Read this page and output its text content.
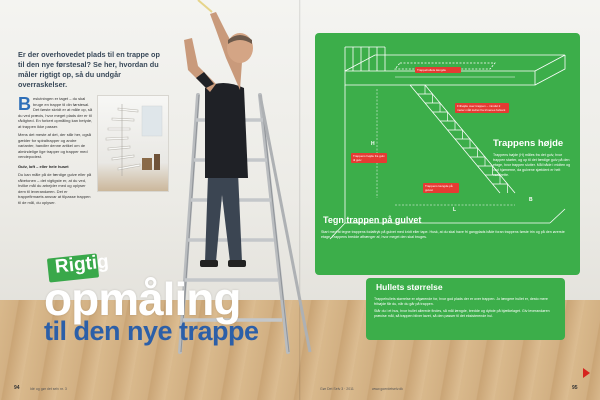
Er der overhovedet plads til en trappe op til den nye førstesal? Se her, hvordan du måler rigtigt op, så du undgår overraskelser.
B eslutningen er taget – du skal bruge en trappe til din førstesal. Det første skridt er at måle op, så du ved præcis, hvor meget plads der er til rådighed. En forkert opmåling kan betyde, at trappen ikke passer.

Mens det meste af det, der står her, også gælder for spiraltrapper og andre varianter, handler denne artikel om de almindelige lige trapper og trapper med vendepodest.

Gulv, loft – eller hele huset

Du kan måle på de færdige gulve eller på råbetonen – det vigtigste er, at du ved, hvilke mål du arbejder med og oplyser dem til leverandøren. Det er trappefirmaets ansvar at tilpasse trappen til de mål, du oplyser.

Rigtig
opmåling
til den nye trappe
H
L
B
Trappehullets længde
Frihøjde over trappen – mindst 2 meter målt lodret fra trinenes forkant
Trappens højde fra gulv til gulv
Trappens længde på gulvet
Trappens højde
Trappens højde (H) måles fra det gulv, hvor trappen starter, og op til det færdige gulv på den etage, hvor trappen slutter. Mål både i midten og ved hjørnerne, da gulvene sjældent er helt vandrette.
Tegn trappen på gulvet
Start med at tegne trappens fodaftryk på gulvet med kridt eller tape. Husk, at du skal have fri gangplads både foran trappens første trin og på den øverste etage. Trappens bredde afhænger af, hvor meget den skal bruges.
Hullets størrelse

Trappehullets størrelse er afgørende for, hvor god plads der er over trappen. Jo længere hullet er, desto mere frihøjde får du, når du går på trappen.

Står du i et hus, hvor hullet allerede findes, så mål længde, bredde og dybde på bjælkelaget. Giv leverandøren præcise mål, så trappen bliver lavet, så den passer til det eksisterende hul.

94	Idé og gør det selv nr. 3	Gør Det Selv 3 · 2011	www.goerdetselv.dk	95
